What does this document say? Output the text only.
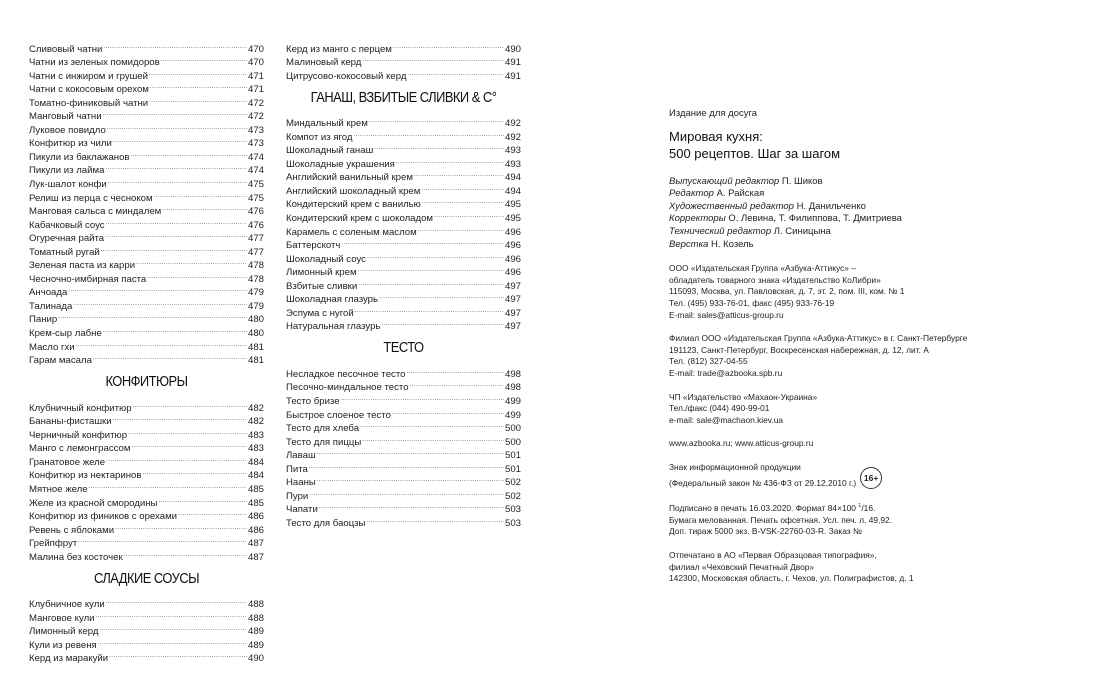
Сливовый чатни . . .	470
Чатни из зеленых помидоров . . .	470
Чатни с инжиром и грушей . . .	471
Чатни с кокосовым орехом . . .	471
Томатно-финиковый чатни . . .	472
Манговый чатни . . .	472
Луковое повидло . . .	473
Конфитюр из чили . . .	473
Пикули из баклажанов . . .	474
Пикули из лайма . . .	474
Лук-шалот конфи . . .	475
Релиш из перца с чесноком . . .	475
Манговая сальса с миндалем . . .	476
Кабачковый соус . . .	476
Огуречная райта . . .	477
Томатный ругай . . .	477
Зеленая паста из карри . . .	478
Чесночно-имбирная паста . . .	478
Анчоада . . .	479
Талинада . . .	479
Панир . . .	480
Крем-сыр лабне . . .	480
Масло гхи . . .	481
Гарам масала . . .	481
КОНФИТЮРЫ
Клубничный конфитюр . . .	482
Бананы-фисташки . . .	482
Черничный конфитюр . . .	483
Манго с лемонграссом . . .	483
Гранатовое желе . . .	484
Конфитюр из нектаринов . . .	484
Мятное желе . . .	485
Желе из красной смородины . . .	485
Конфитюр из фиников с орехами . . .	486
Ревень с яблоками . . .	486
Грейпфрут . . .	487
Малина без косточек . . .	487
СЛАДКИЕ СОУСЫ
Клубничное кули . . .	488
Манговое кули . . .	488
Лимонный керд . . .	489
Кули из ревеня . . .	489
Керд из маракуйи . . .	490
Керд из манго с перцем . . .	490
Малиновый керд . . .	491
Цитрусово-кокосовый керд . . .	491
ГАНАШ, ВЗБИТЫЕ СЛИВКИ & С°
Миндальный крем . . .	492
Компот из ягод . . .	492
Шоколадный ганаш . . .	493
Шоколадные украшения . . .	493
Английский ванильный крем . . .	494
Английский шоколадный крем . . .	494
Кондитерский крем с ванилью . . .	495
Кондитерский крем с шоколадом . . .	495
Карамель с соленым маслом . . .	496
Баттерскотч . . .	496
Шоколадный соус . . .	496
Лимонный крем . . .	496
Взбитые сливки . . .	497
Шоколадная глазурь . . .	497
Эспума с нугой . . .	497
Натуральная глазурь . . .	497
ТЕСТО
Несладкое песочное тесто . . .	498
Песочно-миндальное тесто . . .	498
Тесто бризе . . .	499
Быстрое слоеное тесто . . .	499
Тесто для хлеба . . .	500
Тесто для пиццы . . .	500
Лаваш . . .	501
Пита . . .	501
Нааны . . .	502
Пури . . .	502
Чапати . . .	503
Тесто для баоцзы . . .	503
Издание для досуга
Мировая кухня:
500 рецептов. Шаг за шагом
Выпускающий редактор П. Шиков
Редактор А. Райская
Художественный редактор Н. Данильченко
Корректоры О. Левина, Т. Филиппова, Т. Дмитриева
Технический редактор Л. Синицына
Верстка Н. Козель
ООО «Издательская Группа «Азбука-Аттикус» –
обладатель товарного знака «Издательство КоЛибри»
115093, Москва, ул. Павловская, д. 7, эт. 2, пом. III, ком. № 1
Тел. (495) 933-76-01, факс (495) 933-76-19
E-mail: sales@atticus-group.ru
Филиал ООО «Издательская Группа «Азбука-Аттикус» в г. Санкт-Петербурге
191123, Санкт-Петербург, Воскресенская набережная, д. 12, лит. А
Тел. (812) 327-04-55
E-mail: trade@azbooka.spb.ru
ЧП «Издательство «Махаон-Украина»
Тел./факс (044) 490-99-01
e-mail: sale@machaon.kiev.ua
www.azbooka.ru; www.atticus-group.ru
Знак информационной продукции
(Федеральный закон № 436-ФЗ от 29.12.2010 г.)16+
Подписано в печать 16.03.2020. Формат 84×100 $^1$/16.
Бумага мелованная. Печать офсетная. Усл. печ. л. 49,92.
Доп. тираж 5000 экз. B-VSK-22760-03-R. Заказ №
Отпечатано в АО «Первая Образцовая типография»,
филиал «Чеховский Печатный Двор»
142300, Московская область, г. Чехов, ул. Полиграфистов, д. 1
